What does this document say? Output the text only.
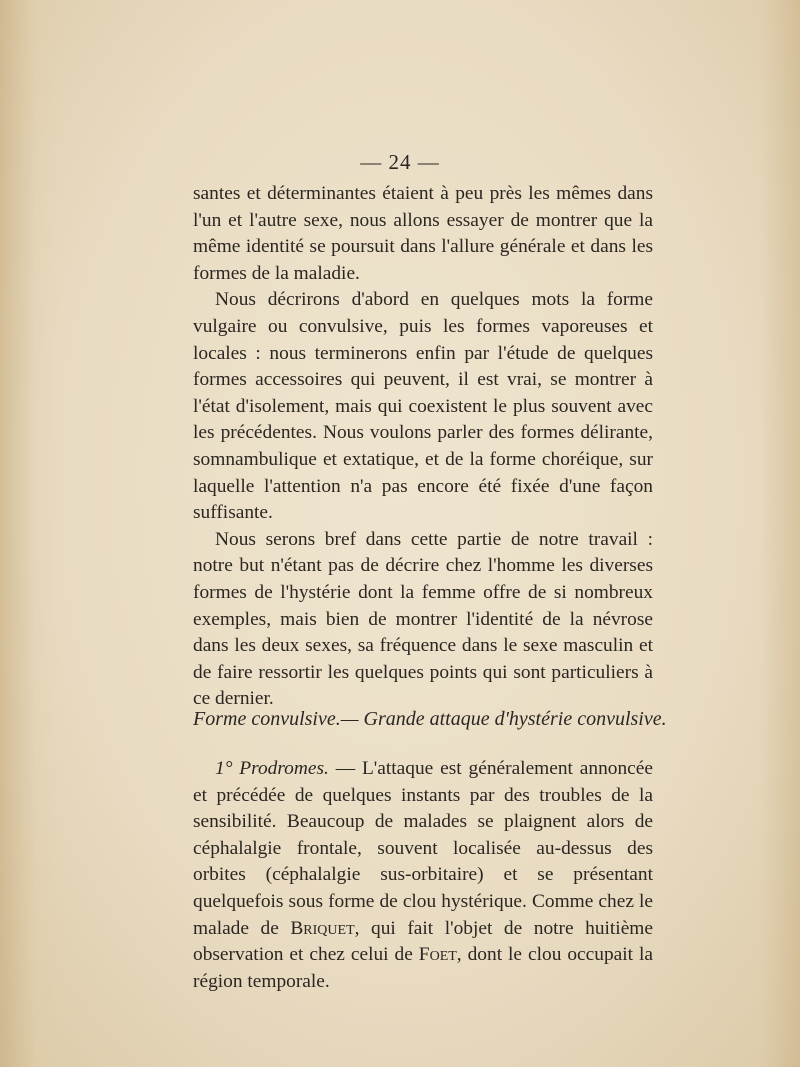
— 24 —

santes et déterminantes étaient à peu près les mêmes dans l'un et l'autre sexe, nous allons essayer de montrer que la même identité se poursuit dans l'allure générale et dans les formes de la maladie.

Nous décrirons d'abord en quelques mots la forme vulgaire ou convulsive, puis les formes vaporeuses et locales : nous terminerons enfin par l'étude de quelques formes accessoires qui peuvent, il est vrai, se montrer à l'état d'isolement, mais qui coexistent le plus souvent avec les précédentes. Nous voulons parler des formes délirante, somnambulique et extatique, et de la forme choréique, sur laquelle l'attention n'a pas encore été fixée d'une façon suffisante.

Nous serons bref dans cette partie de notre travail : notre but n'étant pas de décrire chez l'homme les diverses formes de l'hystérie dont la femme offre de si nombreux exemples, mais bien de montrer l'identité de la névrose dans les deux sexes, sa fréquence dans le sexe masculin et de faire ressortir les quelques points qui sont particuliers à ce dernier.

Forme convulsive.— Grande attaque d'hystérie convulsive.

1° Prodromes. — L'attaque est généralement annoncée et précédée de quelques instants par des troubles de la sensibilité. Beaucoup de malades se plaignent alors de céphalalgie frontale, souvent localisée au-dessus des orbites (céphalalgie sus-orbitaire) et se présentant quelquefois sous forme de clou hystérique. Comme chez le malade de Briquet, qui fait l'objet de notre huitième observation et chez celui de Foet, dont le clou occupait la région temporale.
